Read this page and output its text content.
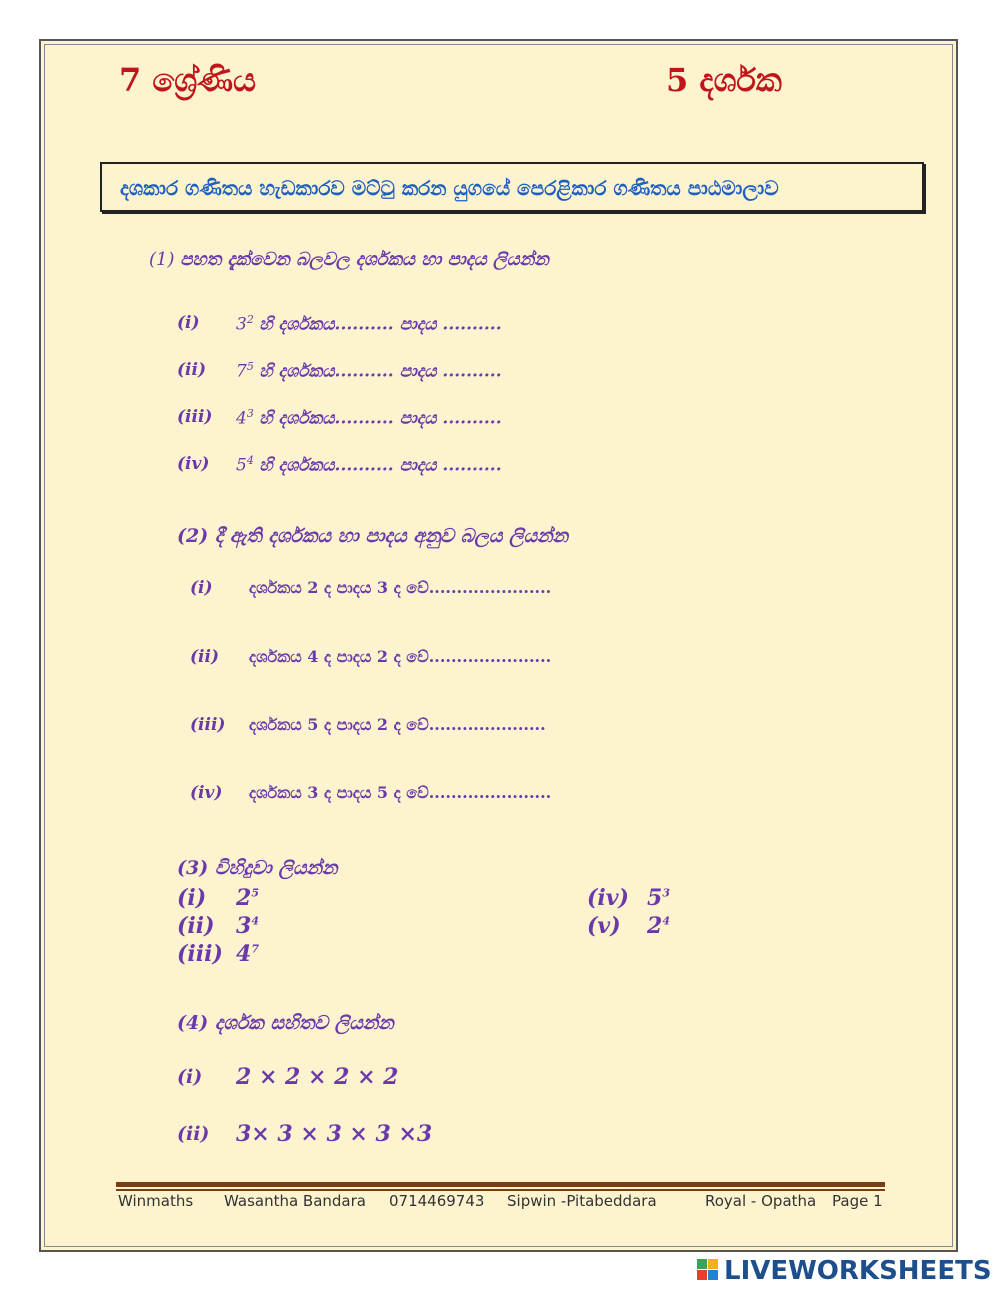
7 ශ්‍රේණිය	5 දර්ශක
දශකාර ගණිතය හැඩකාරව මට්ටු කරන යුගයේ පෙරළිකාර ගණිතය පාඨමාලාව
(1) පහත දැක්වෙන බලවල දර්ශකය හා පාදය ලියන්න
(i) $3^2$ හි දර්ශකය.......... පාදය ..........
(ii) $7^5$ හි දර්ශකය.......... පාදය ..........
(iii) $4^3$ හි දර්ශකය.......... පාදය ..........
(iv) $5^4$ හි දර්ශකය.......... පාදය ..........
(2) දී ඇති දර්ශකය හා පාදය අනුව බලය ලියන්න
(i) දර්ශකය 2 ද පාදය 3 ද වේ......................
(ii) දර්ශකය 4 ද පාදය 2 ද වේ......................
(iii) දර්ශකය 5 ද පාදය 2 ද වේ.....................
(iv) දර්ශකය 3 ද පාදය 5 ද වේ......................
(3) විහිදුවා ලියන්න
(i) $2^5$
(ii) $3^4$
(iii) $4^7$
(iv) $5^3$
(v) $2^4$
(4) දර්ශක සහිතව ලියන්න
(i) 2 × 2 × 2 × 2
(ii) 3× 3 × 3 × 3 ×3
Winmaths Wasantha Bandara 0714469743 Sipwin -Pitabeddara	Royal - Opatha Page 1
LIVEWORKSHEETS
